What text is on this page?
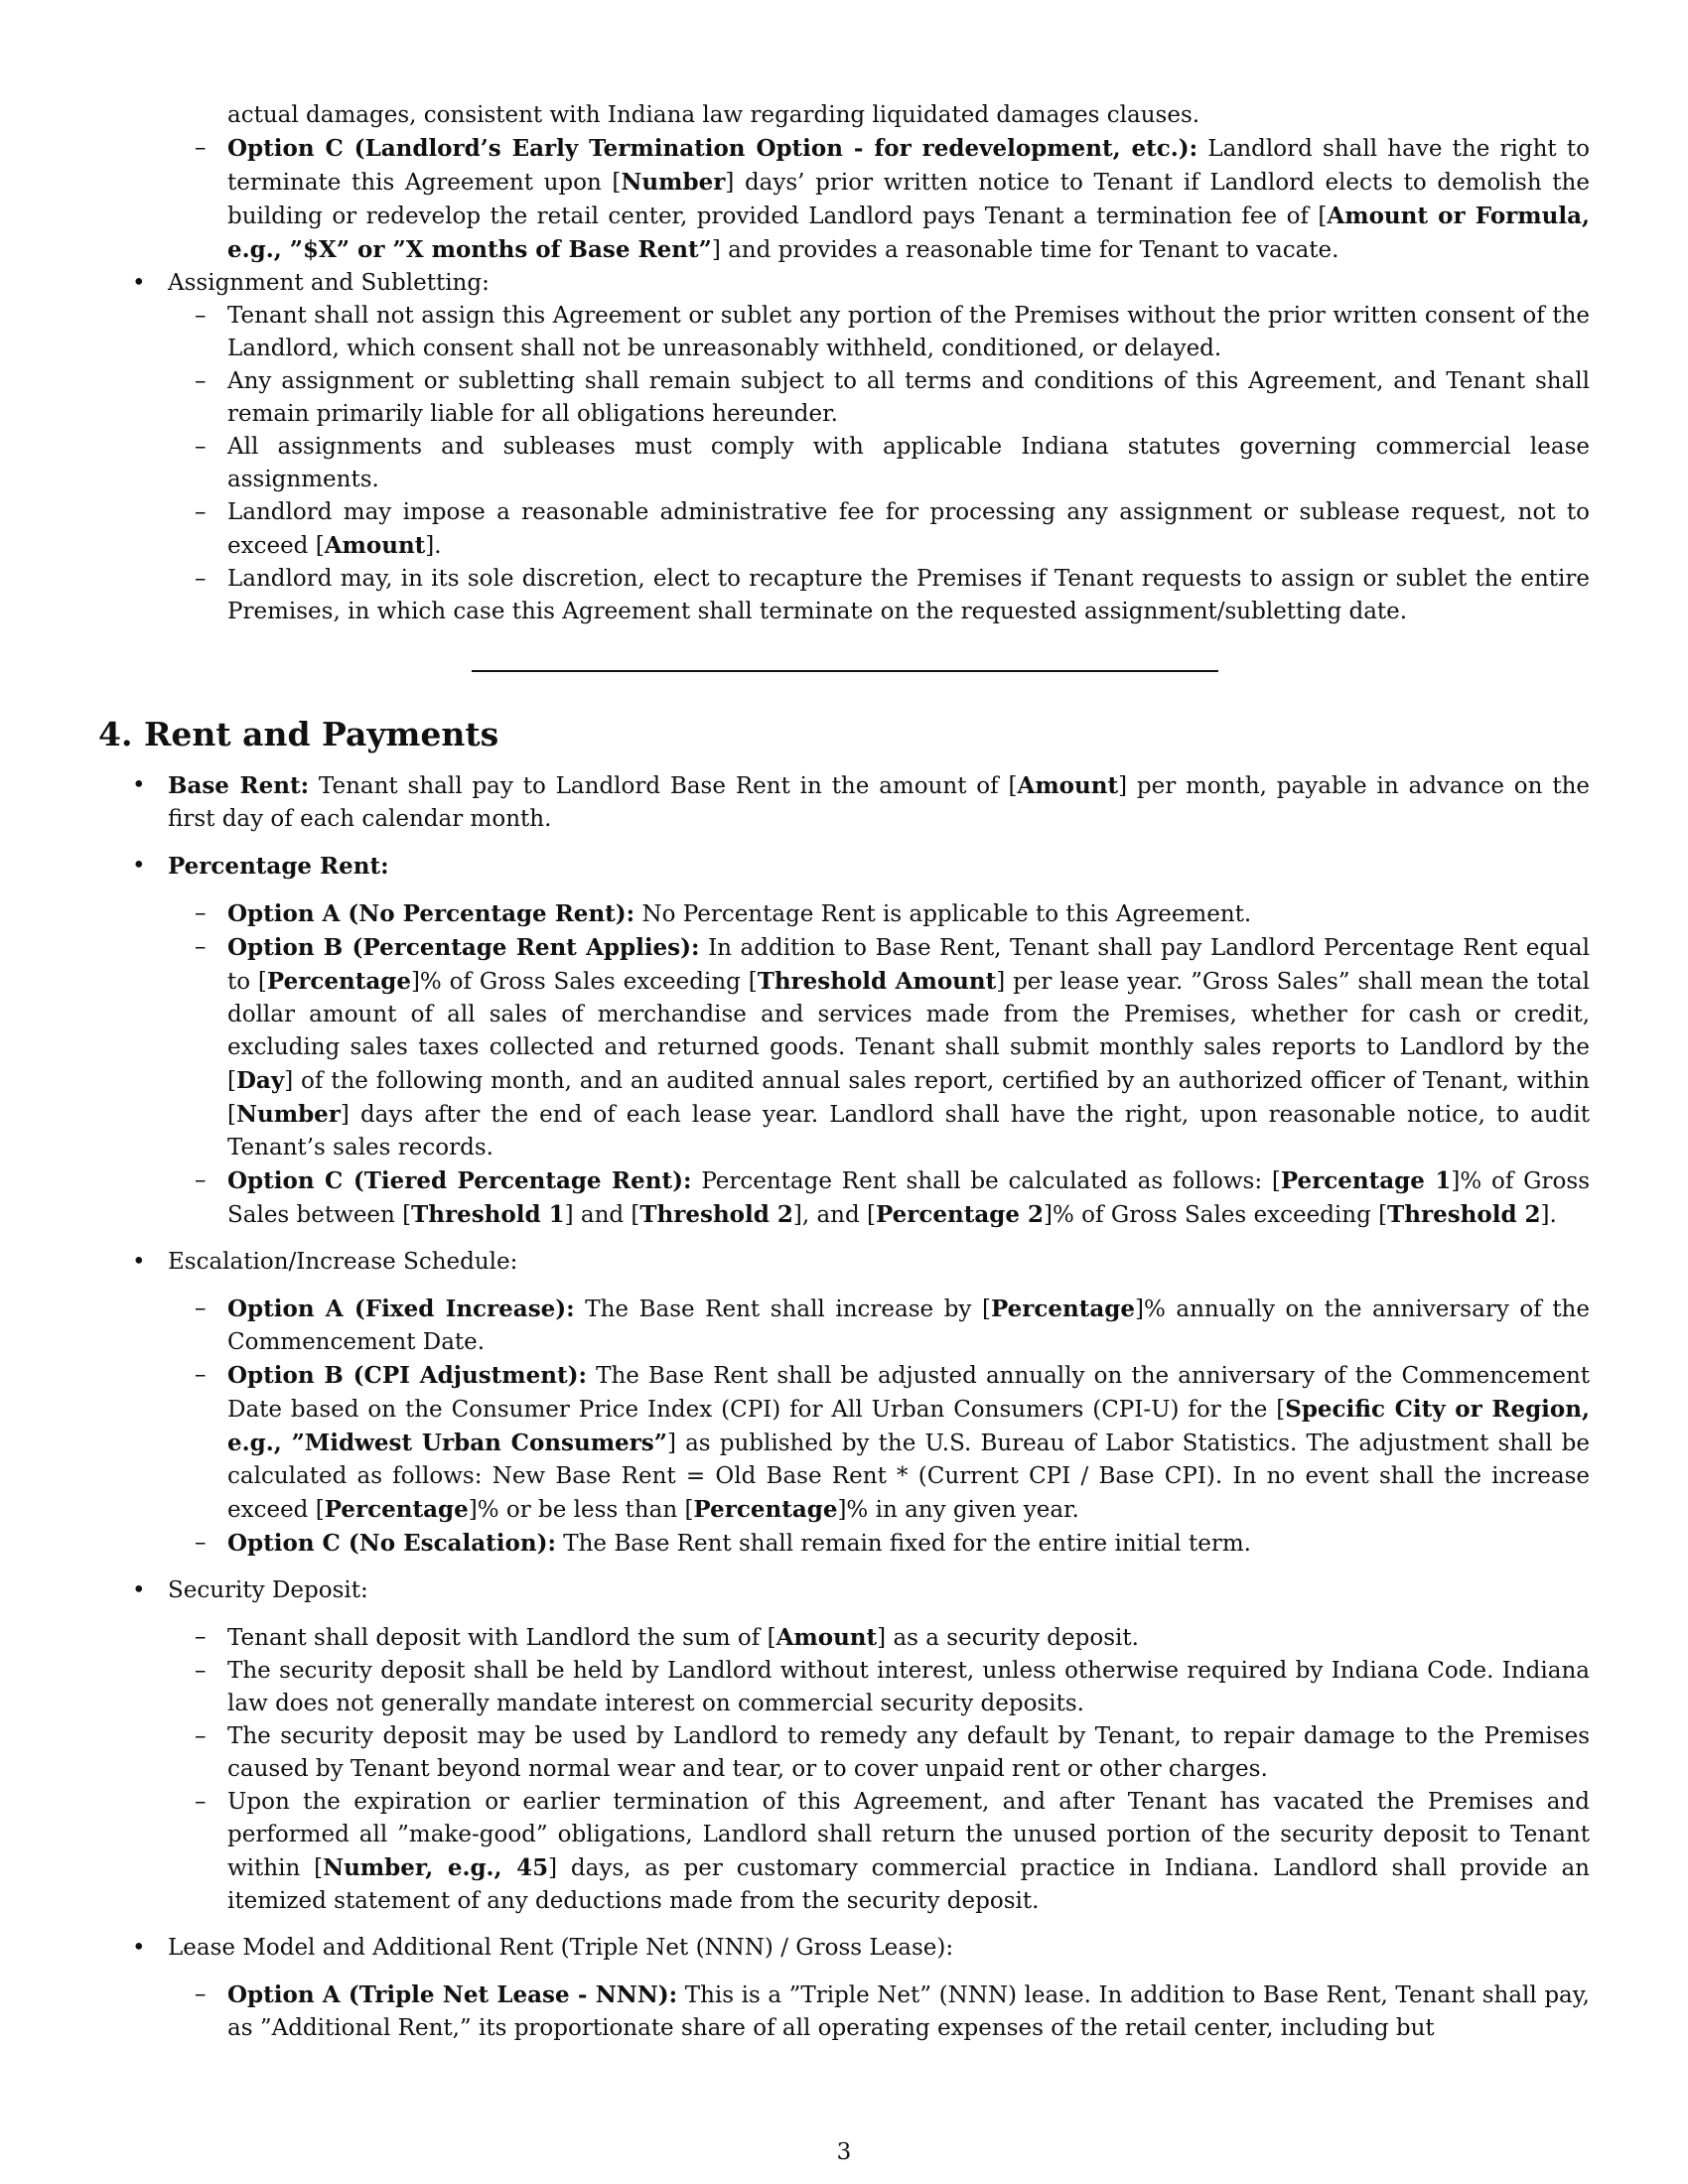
actual damages, consistent with Indiana law regarding liquidated damages clauses.
– Option C (Landlord’s Early Termination Option - for redevelopment, etc.): Landlord shall have the right to terminate this Agreement upon [Number] days’ prior written notice to Tenant if Landlord elects to demolish the building or redevelop the retail center, provided Landlord pays Tenant a termination fee of [Amount or Formula, e.g., ”$X” or ”X months of Base Rent”] and provides a reasonable time for Tenant to vacate.
• Assignment and Subletting:
– Tenant shall not assign this Agreement or sublet any portion of the Premises without the prior written consent of the Landlord, which consent shall not be unreasonably withheld, conditioned, or delayed.
– Any assignment or subletting shall remain subject to all terms and conditions of this Agreement, and Tenant shall remain primarily liable for all obligations hereunder.
– All assignments and subleases must comply with applicable Indiana statutes governing commercial lease assignments.
– Landlord may impose a reasonable administrative fee for processing any assignment or sublease request, not to exceed [Amount].
– Landlord may, in its sole discretion, elect to recapture the Premises if Tenant requests to assign or sublet the entire Premises, in which case this Agreement shall terminate on the requested assignment/subletting date.
4. Rent and Payments
• Base Rent: Tenant shall pay to Landlord Base Rent in the amount of [Amount] per month, payable in advance on the first day of each calendar month.
• Percentage Rent:
– Option A (No Percentage Rent): No Percentage Rent is applicable to this Agreement.
– Option B (Percentage Rent Applies): In addition to Base Rent, Tenant shall pay Landlord Percentage Rent equal to [Percentage]% of Gross Sales exceeding [Threshold Amount] per lease year. ”Gross Sales” shall mean the total dollar amount of all sales of merchandise and services made from the Premises, whether for cash or credit, excluding sales taxes collected and returned goods. Tenant shall submit monthly sales reports to Landlord by the [Day] of the following month, and an audited annual sales report, certified by an authorized officer of Tenant, within [Number] days after the end of each lease year. Landlord shall have the right, upon reasonable notice, to audit Tenant’s sales records.
– Option C (Tiered Percentage Rent): Percentage Rent shall be calculated as follows: [Percentage 1]% of Gross Sales between [Threshold 1] and [Threshold 2], and [Percentage 2]% of Gross Sales exceeding [Threshold 2].
• Escalation/Increase Schedule:
– Option A (Fixed Increase): The Base Rent shall increase by [Percentage]% annually on the anniversary of the Commencement Date.
– Option B (CPI Adjustment): The Base Rent shall be adjusted annually on the anniversary of the Commencement Date based on the Consumer Price Index (CPI) for All Urban Consumers (CPI-U) for the [Specific City or Region, e.g., ”Midwest Urban Consumers”] as published by the U.S. Bureau of Labor Statistics. The adjustment shall be calculated as follows: New Base Rent = Old Base Rent * (Current CPI / Base CPI). In no event shall the increase exceed [Percentage]% or be less than [Percentage]% in any given year.
– Option C (No Escalation): The Base Rent shall remain fixed for the entire initial term.
• Security Deposit:
– Tenant shall deposit with Landlord the sum of [Amount] as a security deposit.
– The security deposit shall be held by Landlord without interest, unless otherwise required by Indiana Code. Indiana law does not generally mandate interest on commercial security deposits.
– The security deposit may be used by Landlord to remedy any default by Tenant, to repair damage to the Premises caused by Tenant beyond normal wear and tear, or to cover unpaid rent or other charges.
– Upon the expiration or earlier termination of this Agreement, and after Tenant has vacated the Premises and performed all ”make-good” obligations, Landlord shall return the unused portion of the security deposit to Tenant within [Number, e.g., 45] days, as per customary commercial practice in Indiana. Landlord shall provide an itemized statement of any deductions made from the security deposit.
• Lease Model and Additional Rent (Triple Net (NNN) / Gross Lease):
– Option A (Triple Net Lease - NNN): This is a ”Triple Net” (NNN) lease. In addition to Base Rent, Tenant shall pay, as ”Additional Rent,” its proportionate share of all operating expenses of the retail center, including but
3
